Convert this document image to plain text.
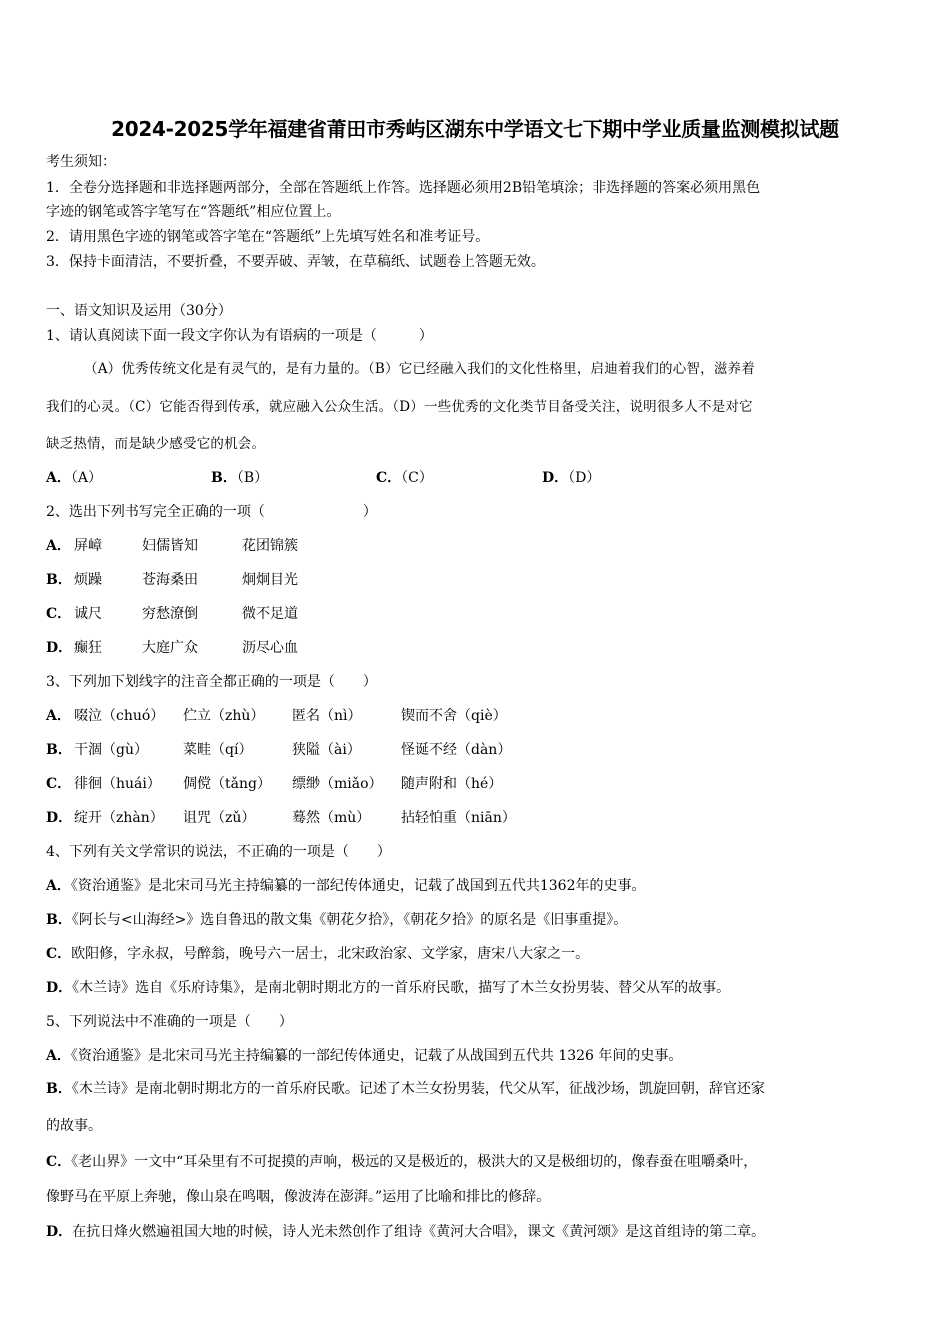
2024-2025学年福建省莆田市秀屿区湖东中学语文七下期中学业质量监测模拟试题
考生须知：
1．全卷分选择题和非选择题两部分，全部在答题纸上作答。选择题必须用2B铅笔填涂；非选择题的答案必须用黑色
字迹的钢笔或答字笔写在“答题纸”相应位置上。
2．请用黑色字迹的钢笔或答字笔在“答题纸”上先填写姓名和准考证号。
3．保持卡面清洁，不要折叠，不要弄破、弄皱，在草稿纸、试题卷上答题无效。
一、语文知识及运用（30分）
1、请认真阅读下面一段文字你认为有语病的一项是（　　　）
（A）优秀传统文化是有灵气的，是有力量的。（B）它已经融入我们的文化性格里，启迪着我们的心智，滋养着
我们的心灵。（C）它能否得到传承，就应融入公众生活。（D）一些优秀的文化类节目备受关注，说明很多人不是对它
缺乏热情，而是缺少感受它的机会。
A．（A）	B．（B）	C．（C）	D．（D）
2、选出下列书写完全正确的一项（　　　　　　　）
A． 屏嶂	妇儒皆知	花团锦簇
B． 烦躁	苍海桑田	炯炯目光
C． 诚尺	穷愁潦倒	微不足道
D． 癫狂	大庭广众	沥尽心血
3、下列加下划线字的注音全都正确的一项是（　　）
A． 啜泣（chuó） 伫立（zhù） 匿名（nì）	锲而不舍（qiè）
B． 干涸（gù）	菜畦（qí）	狭隘（ài）	怪诞不经（dàn）
C． 徘徊（huái） 倜傥（tǎng） 缥缈（miǎo） 随声附和（hé）
D． 绽开（zhàn） 诅咒（zǔ）	蓦然（mù） 拈轻怕重（niān）
4、下列有关文学常识的说法，不正确的一项是（　　）
A．《资治通鉴》是北宋司马光主持编纂的一部纪传体通史，记载了战国到五代共1362年的史事。
B．《阿长与<山海经>》选自鲁迅的散文集《朝花夕拾》，《朝花夕拾》的原名是《旧事重提》。
C．欧阳修，字永叔，号醉翁，晚号六一居士，北宋政治家、文学家，唐宋八大家之一。
D．《木兰诗》选自《乐府诗集》，是南北朝时期北方的一首乐府民歌，描写了木兰女扮男装、替父从军的故事。
5、下列说法中不准确的一项是（　　）
A．《资治通鉴》是北宋司马光主持编纂的一部纪传体通史，记载了从战国到五代共 1326 年间的史事。
B．《木兰诗》是南北朝时期北方的一首乐府民歌。记述了木兰女扮男装，代父从军，征战沙场，凯旋回朝，辞官还家
的故事。
C．《老山界》一文中“耳朵里有不可捉摸的声响，极远的又是极近的，极洪大的又是极细切的，像春蚕在咀嚼桑叶，
像野马在平原上奔驰，像山泉在鸣咽，像波涛在澎湃。”运用了比喻和排比的修辞。
D．在抗日烽火燃遍祖国大地的时候，诗人光未然创作了组诗《黄河大合唱》，课文《黄河颂》是这首组诗的第二章。
